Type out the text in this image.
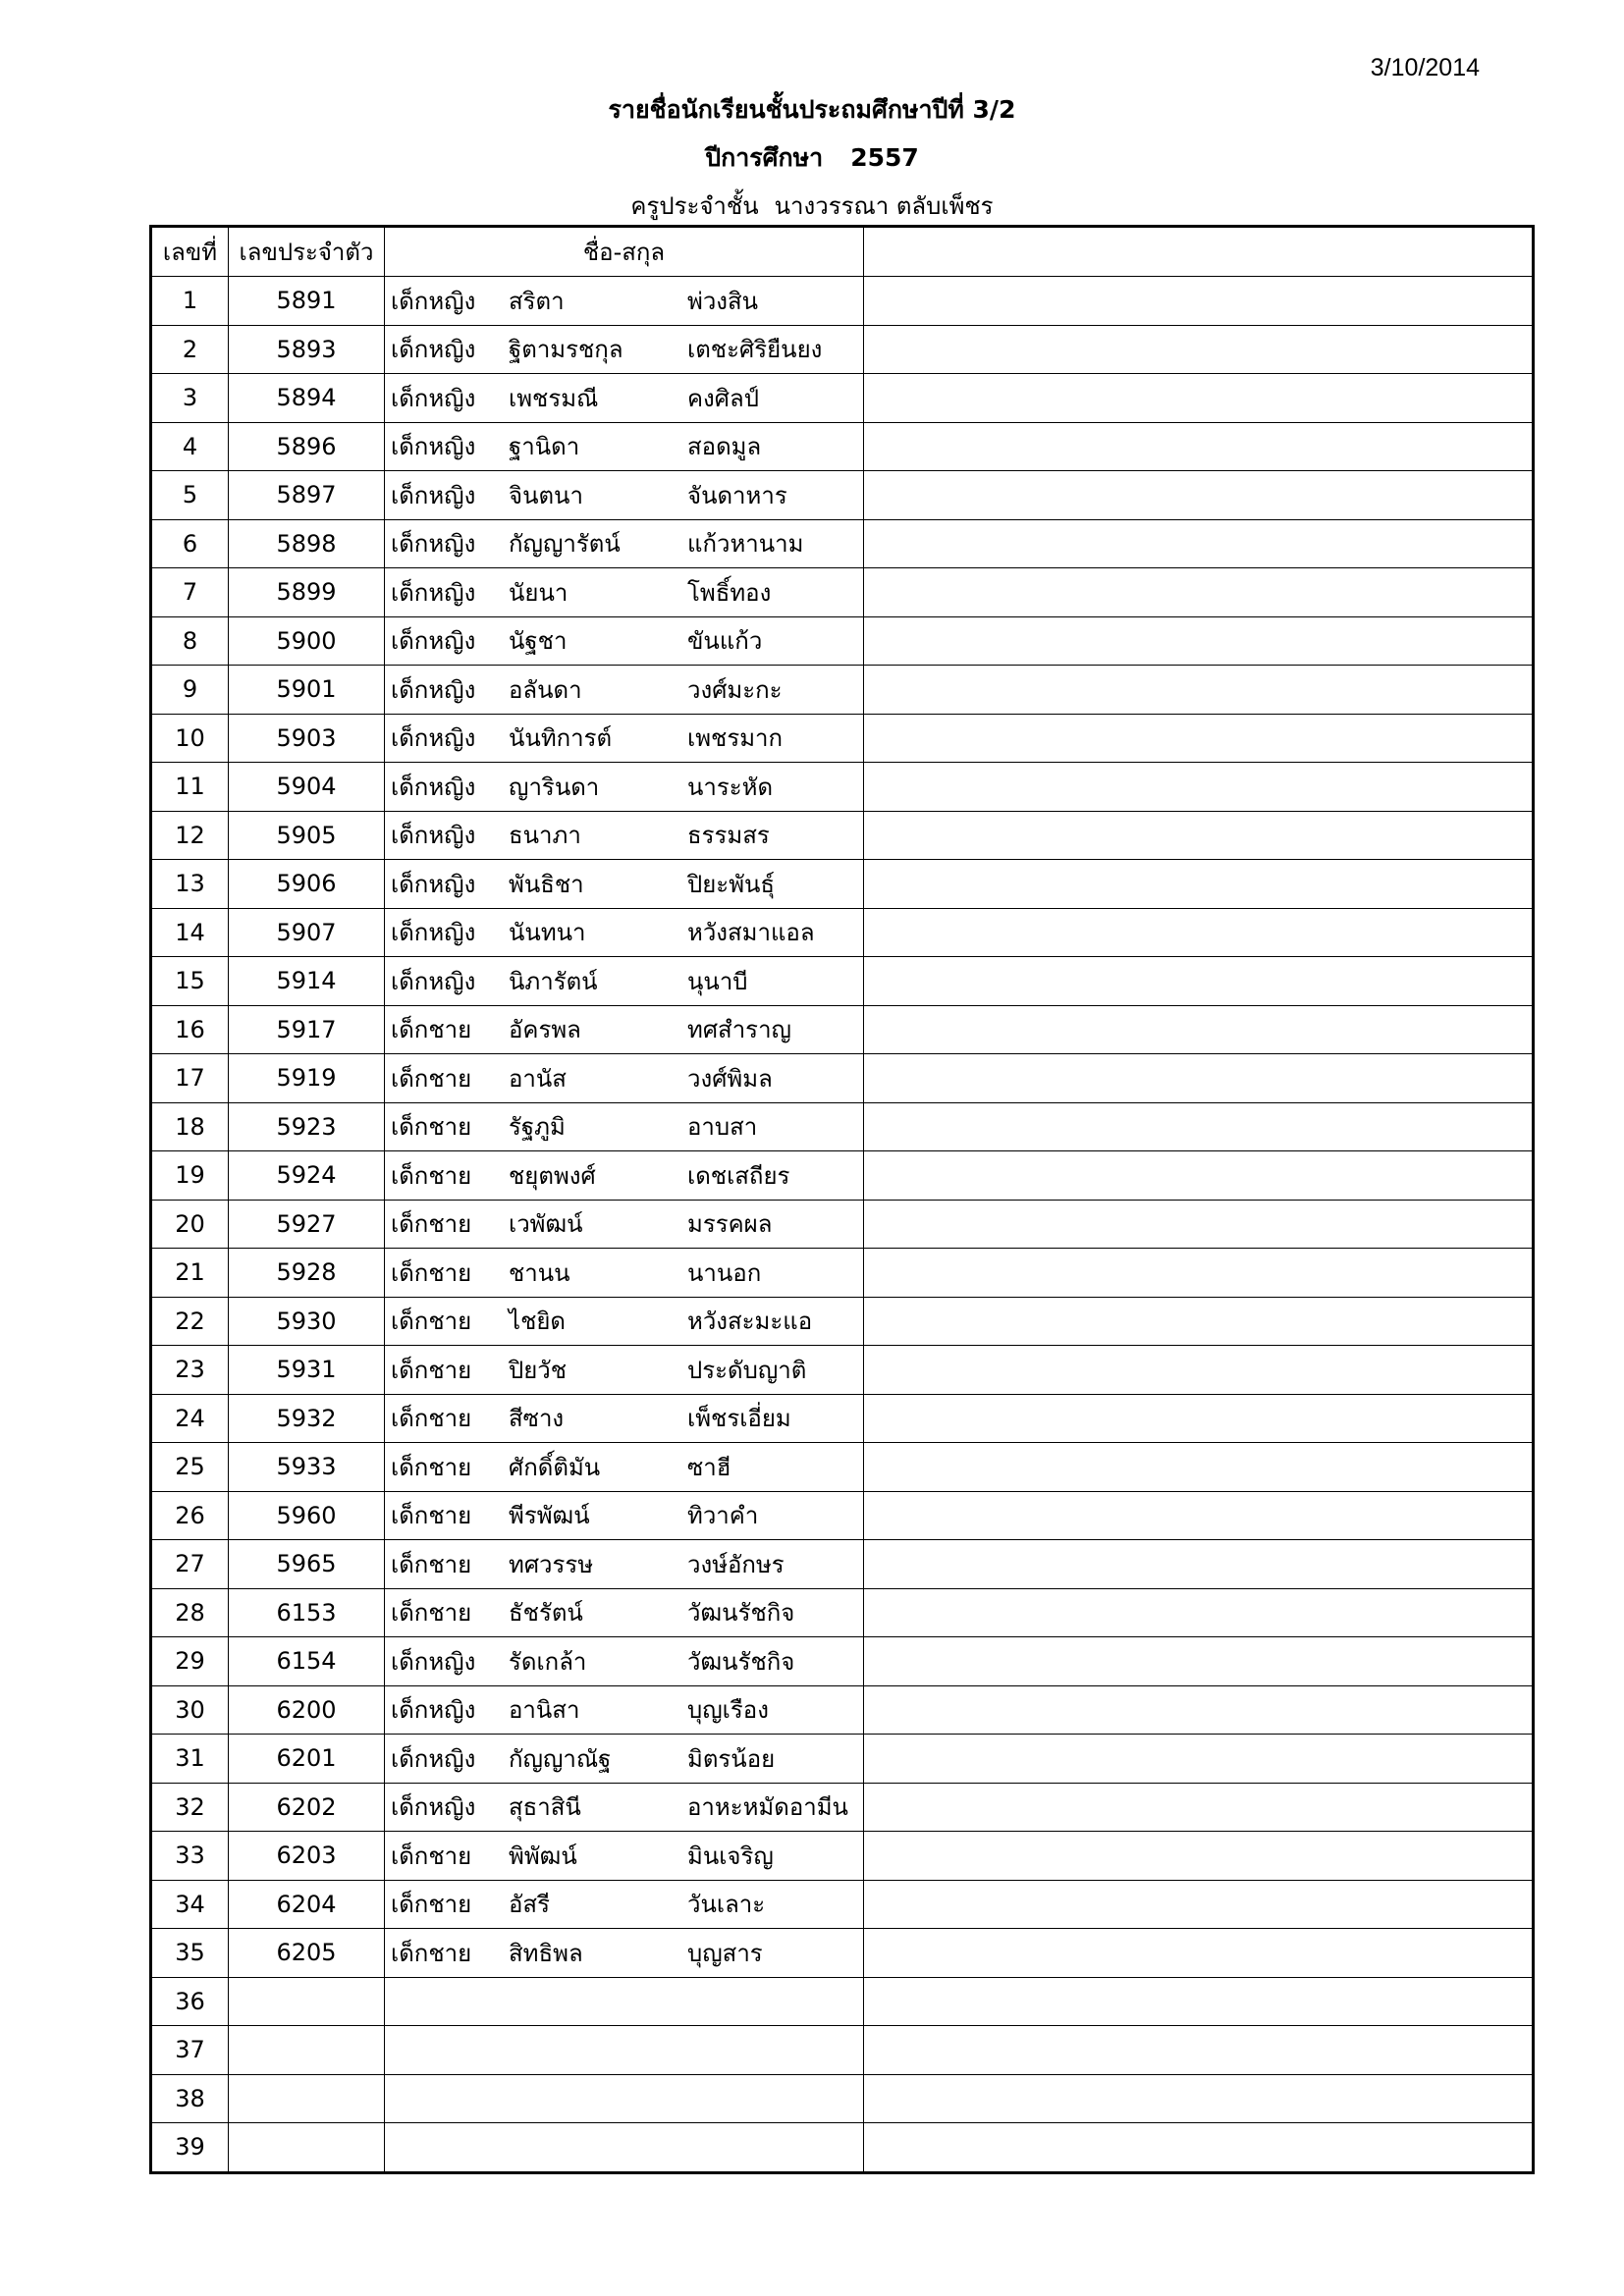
3/10/2014
รายชื่อนักเรียนชั้นประถมศึกษาปีที่ 3/2
ปีการศึกษา 2557
ครูประจำชั้น นางวรรณา ตลับเพ็ชร
เลขที่	เลขประจำตัว	ชื่อ-สกุล	
1	5891	เด็กหญิง สริตา พ่วงสิน	

2	5893	เด็กหญิง ฐิตามรชกุล เตชะศิริยืนยง	

3	5894	เด็กหญิง เพชรมณี คงศิลป์	

4	5896	เด็กหญิง ฐานิดา สอดมูล	

5	5897	เด็กหญิง จินตนา จันดาหาร	

6	5898	เด็กหญิง กัญญารัตน์ แก้วหานาม	

7	5899	เด็กหญิง นัยนา โพธิ์ทอง	

8	5900	เด็กหญิง นัฐชา ขันแก้ว	

9	5901	เด็กหญิง อลันดา วงศ์มะกะ	

10	5903	เด็กหญิง นันทิการต์ เพชรมาก	

11	5904	เด็กหญิง ญารินดา นาระหัด	

12	5905	เด็กหญิง ธนาภา ธรรมสร	

13	5906	เด็กหญิง พันธิชา ปิยะพันธุ์	

14	5907	เด็กหญิง นันทนา หวังสมาแอล	

15	5914	เด็กหญิง นิภารัตน์ นุนาบี	

16	5917	เด็กชาย อัครพล ทศสำราญ	

17	5919	เด็กชาย อานัส วงศ์พิมล	

18	5923	เด็กชาย รัฐภูมิ อาบสา	

19	5924	เด็กชาย ชยุตพงศ์ เดชเสถียร	

20	5927	เด็กชาย เวพัฒน์ มรรคผล	

21	5928	เด็กชาย ชานน นานอก	

22	5930	เด็กชาย ไชยิด หวังสะมะแอ	

23	5931	เด็กชาย ปิยวัช ประดับญาติ	

24	5932	เด็กชาย สีซาง เพ็ชรเอี่ยม	

25	5933	เด็กชาย ศักดิ์ติมัน ซาฮี	

26	5960	เด็กชาย พีรพัฒน์ ทิวาคำ	

27	5965	เด็กชาย ทศวรรษ วงษ์อักษร	

28	6153	เด็กชาย ธัชรัตน์ วัฒนรัชกิจ	

29	6154	เด็กหญิง รัดเกล้า วัฒนรัชกิจ	

30	6200	เด็กหญิง อานิสา บุญเรือง	

31	6201	เด็กหญิง กัญญาณัฐ มิตรน้อย	

32	6202	เด็กหญิง สุธาสินี อาหะหมัดอามีน	

33	6203	เด็กชาย พิพัฒน์ มินเจริญ	

34	6204	เด็กชาย อัสรี วันเลาะ	

35	6205	เด็กชาย สิทธิพล บุญสาร	

36		

37		

38		

39		
